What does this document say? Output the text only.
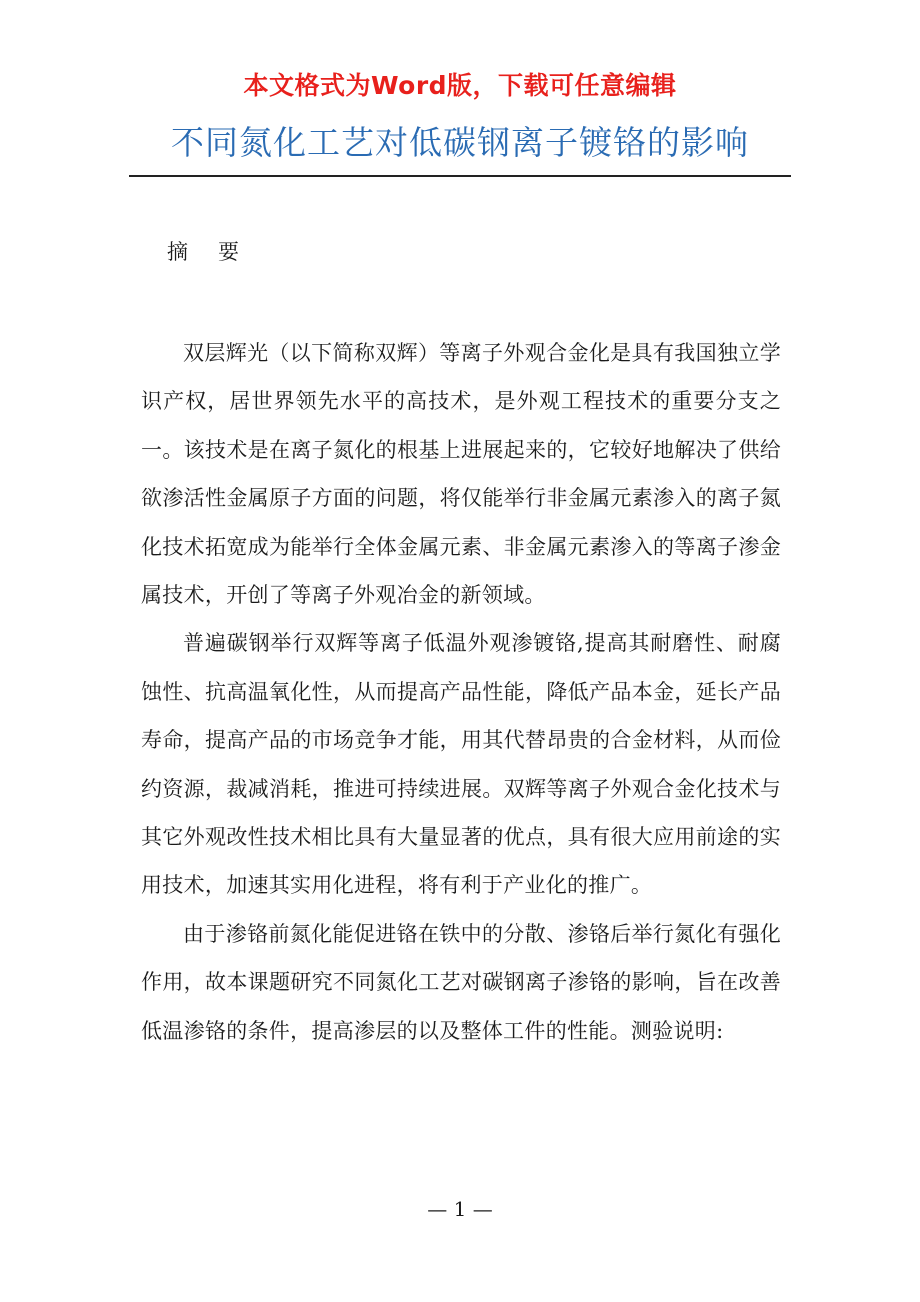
本文格式为Word版，下载可任意编辑
不同氮化工艺对低碳钢离子镀铬的影响
摘要

双层辉光（以下简称双辉）等离子外观合金化是具有我国独立学识产权，居世界领先水平的高技术，是外观工程技术的重要分支之一。该技术是在离子氮化的根基上进展起来的，它较好地解决了供给欲渗活性金属原子方面的问题，将仅能举行非金属元素渗入的离子氮化技术拓宽成为能举行全体金属元素、非金属元素渗入的等离子渗金属技术，开创了等离子外观冶金的新领域。

普遍碳钢举行双辉等离子低温外观渗镀铬,提高其耐磨性、耐腐蚀性、抗高温氧化性，从而提高产品性能，降低产品本金，延长产品寿命，提高产品的市场竞争才能，用其代替昂贵的合金材料，从而俭约资源，裁减消耗，推进可持续进展。双辉等离子外观合金化技术与其它外观改性技术相比具有大量显著的优点，具有很大应用前途的实用技术，加速其实用化进程，将有利于产业化的推广。

由于渗铬前氮化能促进铬在铁中的分散、渗铬后举行氮化有强化作用，故本课题研究不同氮化工艺对碳钢离子渗铬的影响，旨在改善低温渗铬的条件，提高渗层的以及整体工件的性能。测验说明:

— 1 —
